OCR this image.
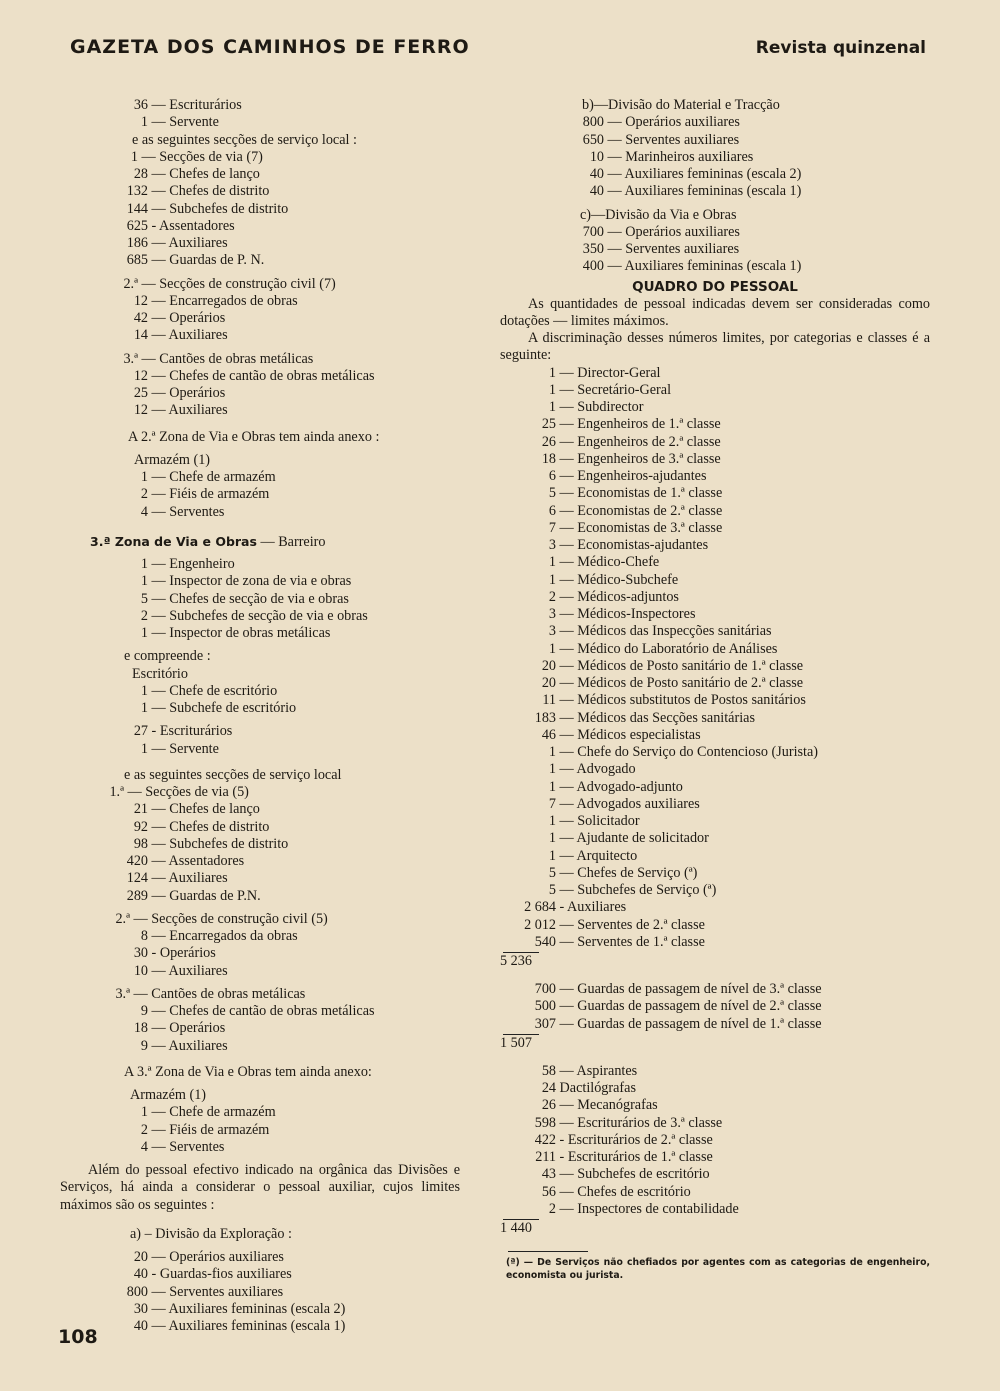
GAZETA DOS CAMINHOS DE FERRO	Revista quinzenal
36 — Escriturários
1 — Servente
e as seguintes secções de serviço local :
1 — Secções de via (7)
28 — Chefes de lanço
132 — Chefes de distrito
144 — Subchefes de distrito
625 - Assentadores
186 — Auxiliares
685 — Guardas de P. N.
2.ª — Secções de construção civil (7)
12 — Encarregados de obras
42 — Operários
14 — Auxiliares
3.ª — Cantões de obras metálicas
12 — Chefes de cantão de obras metálicas
25 — Operários
12 — Auxiliares
A 2.ª Zona de Via e Obras tem ainda anexo :
Armazém (1)
1 — Chefe de armazém
2 — Fiéis de armazém
4 — Serventes
3.ª Zona de Via e Obras — Barreiro
1 — Engenheiro
1 — Inspector de zona de via e obras
5 — Chefes de secção de via e obras
2 — Subchefes de secção de via e obras
1 — Inspector de obras metálicas
e compreende :
Escritório
1 — Chefe de escritório
1 — Subchefe de escritório
27 - Escriturários
1 — Servente
e as seguintes secções de serviço local
1.ª — Secções de via (5)
21 — Chefes de lanço
92 — Chefes de distrito
98 — Subchefes de distrito
420 — Assentadores
124 — Auxiliares
289 — Guardas de P.N.
2.ª — Secções de construção civil (5)
8 — Encarregados da obras
30 - Operários
10 — Auxiliares
3.ª — Cantões de obras metálicas
9 — Chefes de cantão de obras metálicas
18 — Operários
9 — Auxiliares
A 3.ª Zona de Via e Obras tem ainda anexo:
Armazém (1)
1 — Chefe de armazém
2 — Fiéis de armazém
4 — Serventes
Além do pessoal efectivo indicado na orgânica das Divisões e Serviços, há ainda a considerar o pessoal auxiliar, cujos limites máximos são os seguintes :
a) – Divisão da Exploração :
20 — Operários auxiliares
40 - Guardas-fios auxiliares
800 — Serventes auxiliares
30 — Auxiliares femininas (escala 2)
40 — Auxiliares femininas (escala 1)
b)—Divisão do Material e Tracção
800 — Operários auxiliares
650 — Serventes auxiliares
10 — Marinheiros auxiliares
40 — Auxiliares femininas (escala 2)
40 — Auxiliares femininas (escala 1)
c)—Divisão da Via e Obras
700 — Operários auxiliares
350 — Serventes auxiliares
400 — Auxiliares femininas (escala 1)
QUADRO DO PESSOAL
As quantidades de pessoal indicadas devem ser consideradas como dotações — limites máximos.
A discriminação desses números limites, por categorias e classes é a seguinte:
1 — Director-Geral
1 — Secretário-Geral
1 — Subdirector
25 — Engenheiros de 1.ª classe
26 — Engenheiros de 2.ª classe
18 — Engenheiros de 3.ª classe
6 — Engenheiros-ajudantes
5 — Economistas de 1.ª classe
6 — Economistas de 2.ª classe
7 — Economistas de 3.ª classe
3 — Economistas-ajudantes
1 — Médico-Chefe
1 — Médico-Subchefe
2 — Médicos-adjuntos
3 — Médicos-Inspectores
3 — Médicos das Inspecções sanitárias
1 — Médico do Laboratório de Análises
20 — Médicos de Posto sanitário de 1.ª classe
20 — Médicos de Posto sanitário de 2.ª classe
11 — Médicos substitutos de Postos sanitários
183 — Médicos das Secções sanitárias
46 — Médicos especialistas
1 — Chefe do Serviço do Contencioso (Jurista)
1 — Advogado
1 — Advogado-adjunto
7 — Advogados auxiliares
1 — Solicitador
1 — Ajudante de solicitador
1 — Arquitecto
5 — Chefes de Serviço (ª)
5 — Subchefes de Serviço (ª)
2 684 - Auxiliares
2 012 — Serventes de 2.ª classe
540 — Serventes de 1.ª classe
5 236
700 — Guardas de passagem de nível de 3.ª classe
500 — Guardas de passagem de nível de 2.ª classe
307 — Guardas de passagem de nível de 1.ª classe
1 507
58 — Aspirantes
24 Dactilógrafas
26 — Mecanógrafas
598 — Escriturários de 3.ª classe
422 - Escriturários de 2.ª classe
211 - Escriturários de 1.ª classe
43 — Subchefes de escritório
56 — Chefes de escritório
2 — Inspectores de contabilidade
1 440
(ª) — De Serviços não chefiados por agentes com as categorias de engenheiro, economista ou jurista.
108
